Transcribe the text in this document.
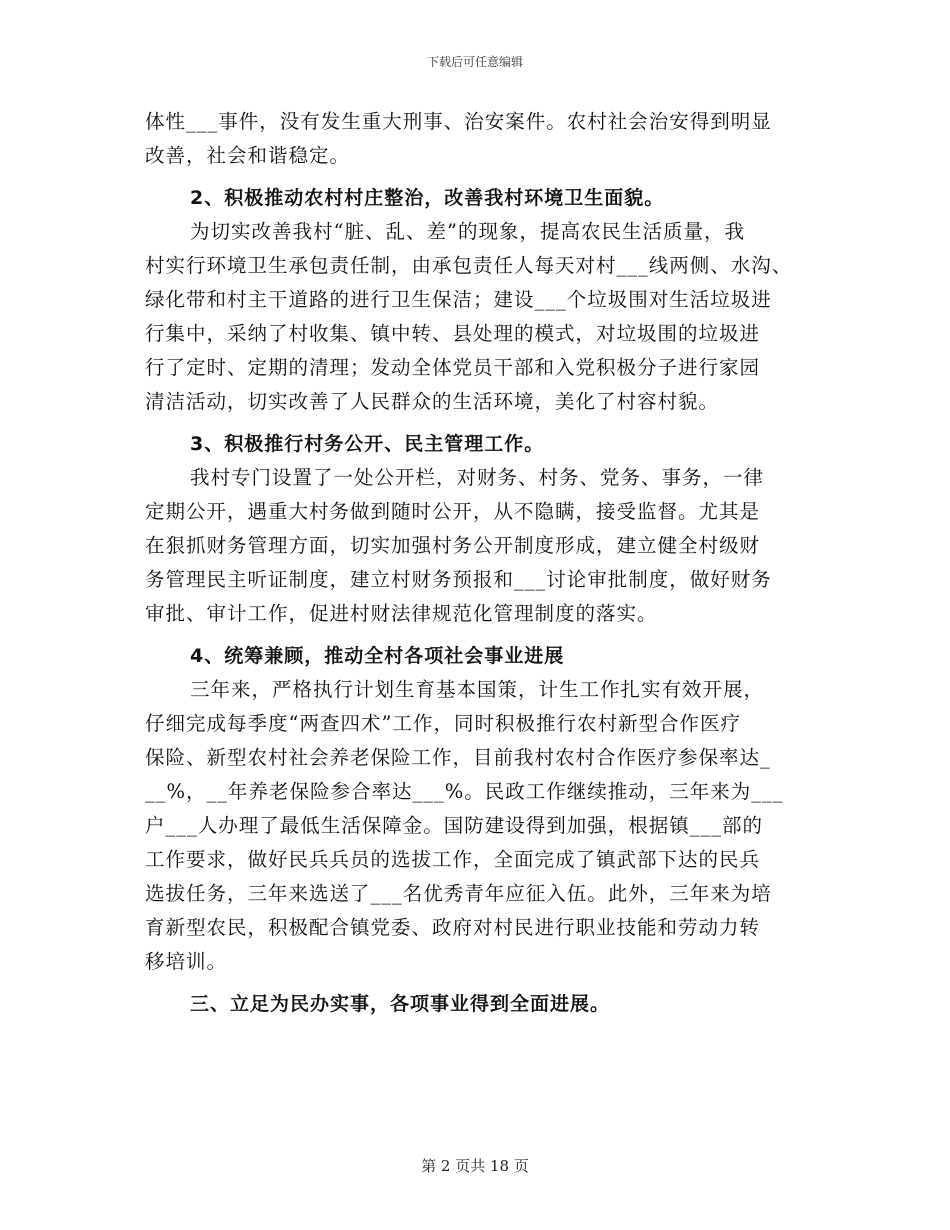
下载后可任意编辑
体性___事件，没有发生重大刑事、治安案件。农村社会治安得到明显
改善，社会和谐稳定。
2、积极推动农村村庄整治，改善我村环境卫生面貌。
为切实改善我村“脏、乱、差”的现象，提高农民生活质量，我
村实行环境卫生承包责任制，由承包责任人每天对村___线两侧、水沟、
绿化带和村主干道路的进行卫生保洁；建设___个垃圾围对生活垃圾进
行集中，采纳了村收集、镇中转、县处理的模式，对垃圾围的垃圾进
行了定时、定期的清理；发动全体党员干部和入党积极分子进行家园
清洁活动，切实改善了人民群众的生活环境，美化了村容村貌。
3、积极推行村务公开、民主管理工作。
我村专门设置了一处公开栏，对财务、村务、党务、事务，一律
定期公开，遇重大村务做到随时公开，从不隐瞒，接受监督。尤其是
在狠抓财务管理方面，切实加强村务公开制度形成，建立健全村级财
务管理民主听证制度，建立村财务预报和___讨论审批制度，做好财务
审批、审计工作，促进村财法律规范化管理制度的落实。
4、统筹兼顾，推动全村各项社会事业进展
三年来，严格执行计划生育基本国策，计生工作扎实有效开展，
仔细完成每季度“两查四术”工作，同时积极推行农村新型合作医疗
保险、新型农村社会养老保险工作，目前我村农村合作医疗参保率达_
__%，__年养老保险参合率达___%。民政工作继续推动，三年来为___
户___人办理了最低生活保障金。国防建设得到加强，根据镇___部的
工作要求，做好民兵兵员的选拔工作，全面完成了镇武部下达的民兵
选拔任务，三年来选送了___名优秀青年应征入伍。此外，三年来为培
育新型农民，积极配合镇党委、政府对村民进行职业技能和劳动力转
移培训。
三、立足为民办实事，各项事业得到全面进展。
第 2 页共 18 页
